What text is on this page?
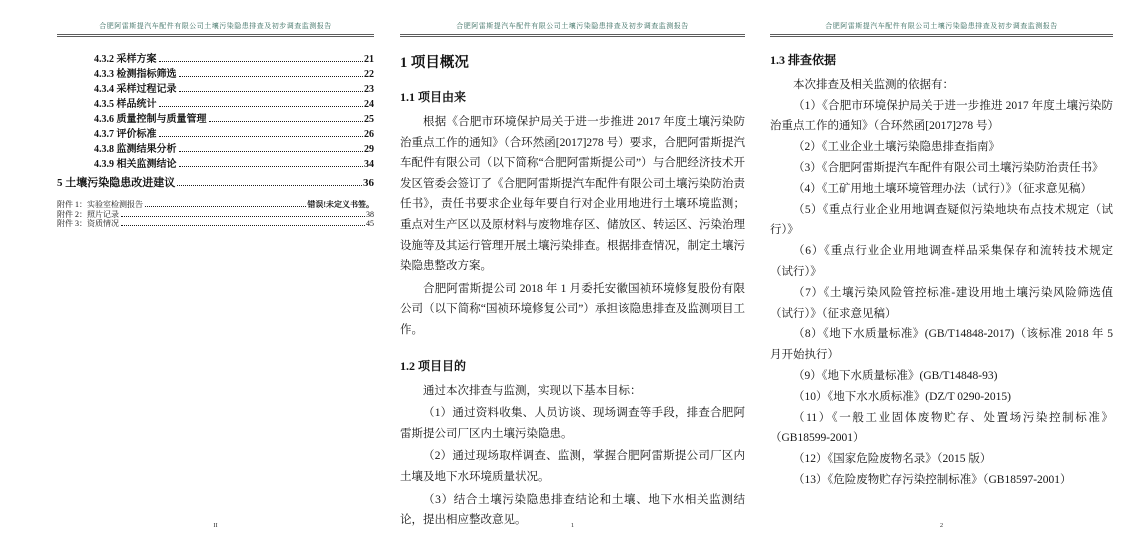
合肥阿雷斯提汽车配件有限公司土壤污染隐患排查及初步调查监测报告
4.3.2 采样方案	21
4.3.3 检测指标筛选	22
4.3.4 采样过程记录	23
4.3.5 样品统计	24
4.3.6 质量控制与质量管理	25
4.3.7 评价标准	26
4.3.8 监测结果分析	29
4.3.9 相关监测结论	34
5 土壤污染隐患改进建议	36
附件 1：实验室检测报告	错误!未定义书签。
附件 2：照片记录	38
附件 3：资质情况	45
II
合肥阿雷斯提汽车配件有限公司土壤污染隐患排查及初步调查监测报告
1 项目概况
1.1 项目由来

根据《合肥市环境保护局关于进一步推进 2017 年度土壤污染防治重点工作的通知》（合环然函[2017]278 号）要求，合肥阿雷斯提汽车配件有限公司（以下简称“合肥阿雷斯提公司”）与合肥经济技术开发区管委会签订了《合肥阿雷斯提汽车配件有限公司土壤污染防治责任书》，责任书要求企业每年要自行对企业用地进行土壤环境监测；重点对生产区以及原材料与废物堆存区、储放区、转运区、污染治理设施等及其运行管理开展土壤污染排查。根据排查情况，制定土壤污染隐患整改方案。

合肥阿雷斯提公司 2018 年 1 月委托安徽国祯环境修复股份有限公司（以下简称“国祯环境修复公司”）承担该隐患排查及监测项目工作。

1.2 项目目的

通过本次排查与监测，实现以下基本目标：

（1）通过资料收集、人员访谈、现场调查等手段，排查合肥阿雷斯提公司厂区内土壤污染隐患。

（2）通过现场取样调查、监测，掌握合肥阿雷斯提公司厂区内土壤及地下水环境质量状况。

（3）结合土壤污染隐患排查结论和土壤、地下水相关监测结论，提出相应整改意见。	1
合肥阿雷斯提汽车配件有限公司土壤污染隐患排查及初步调查监测报告
1.3 排查依据

本次排查及相关监测的依据有：

（1）《合肥市环境保护局关于进一步推进 2017 年度土壤污染防治重点工作的通知》（合环然函[2017]278 号）

（2）《工业企业土壤污染隐患排查指南》

（3）《合肥阿雷斯提汽车配件有限公司土壤污染防治责任书》

（4）《工矿用地土壤环境管理办法（试行）》（征求意见稿）

（5）《重点行业企业用地调查疑似污染地块布点技术规定（试行）》

（6）《重点行业企业用地调查样品采集保存和流转技术规定（试行）》

（7）《土壤污染风险管控标准-建设用地土壤污染风险筛选值（试行）》（征求意见稿）

（8）《地下水质量标准》(GB/T14848-2017)（该标准 2018 年 5 月开始执行）

（9）《地下水质量标准》(GB/T14848-93)

（10）《地下水水质标准》(DZ/T 0290-2015)

（11）《一般工业固体废物贮存、处置场污染控制标准》（GB18599-2001）

（12）《国家危险废物名录》（2015 版）

（13）《危险废物贮存污染控制标准》（GB18597-2001）

2
